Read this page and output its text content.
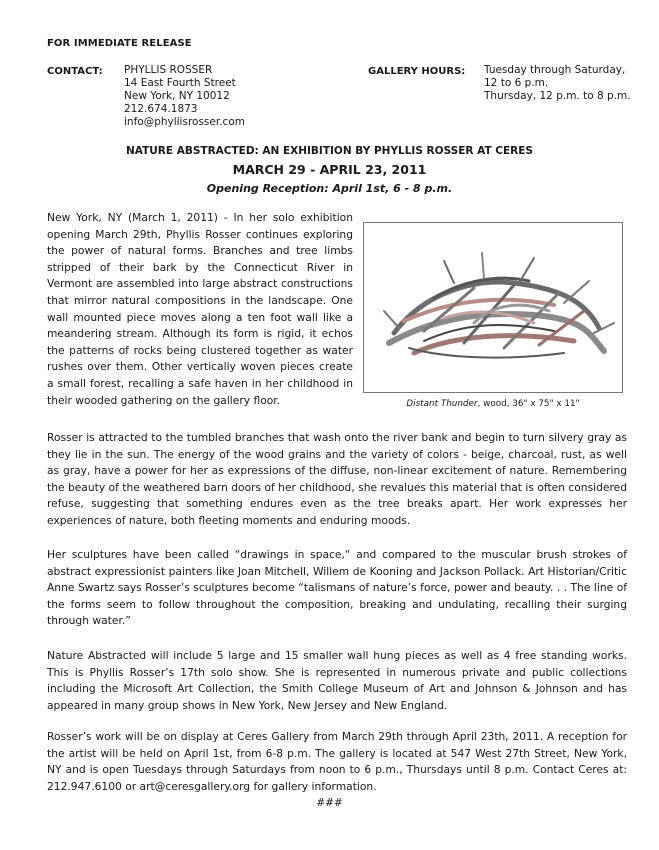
FOR IMMEDIATE RELEASE
CONTACT: PHYLLIS ROSSER
14 East Fourth Street
New York, NY 10012
212.674.1873
info@phyllisrosser.com
GALLERY HOURS: Tuesday through Saturday,
12 to 6 p.m.
Thursday, 12 p.m. to 8 p.m.
NATURE ABSTRACTED: AN EXHIBITION BY PHYLLIS ROSSER AT CERES
MARCH 29 - APRIL 23, 2011
Opening Reception: April 1st, 6 - 8 p.m.
New York, NY (March 1, 2011) - In her solo exhibition opening March 29th, Phyllis Rosser continues exploring the power of natural forms. Branches and tree limbs stripped of their bark by the Connecticut River in Vermont are assembled into large abstract constructions that mirror natural compositions in the landscape. One wall mounted piece moves along a ten foot wall like a meandering stream. Although its form is rigid, it echos the patterns of rocks being clustered together as water rushes over them. Other vertically woven pieces create a small forest, recalling a safe haven in her childhood in their wooded gathering on the gallery floor.	Distant Thunder, wood, 36" x 75" x 11"
Rosser is attracted to the tumbled branches that wash onto the river bank and begin to turn silvery gray as they lie in the sun. The energy of the wood grains and the variety of colors - beige, charcoal, rust, as well as gray, have a power for her as expressions of the diffuse, non-linear excitement of nature. Remembering the beauty of the weathered barn doors of her childhood, she revalues this material that is often considered refuse, suggesting that something endures even as the tree breaks apart. Her work expresses her experiences of nature, both fleeting moments and enduring moods.
Her sculptures have been called “drawings in space,“ and compared to the muscular brush strokes of abstract expressionist painters like Joan Mitchell, Willem de Kooning and Jackson Pollack. Art Historian/Critic Anne Swartz says Rosser’s sculptures become “talismans of nature’s force, power and beauty. . . The line of the forms seem to follow throughout the composition, breaking and undulating, recalling their surging through water.”
Nature Abstracted will include 5 large and 15 smaller wall hung pieces as well as 4 free standing works. This is Phyllis Rosser’s 17th solo show. She is represented in numerous private and public collections including the Microsoft Art Collection, the Smith College Museum of Art and Johnson & Johnson and has appeared in many group shows in New York, New Jersey and New England.
Rosser’s work will be on display at Ceres Gallery from March 29th through April 23th, 2011. A reception for the artist will be held on April 1st, from 6-8 p.m. The gallery is located at 547 West 27th Street, New York, NY and is open Tuesdays through Saturdays from noon to 6 p.m., Thursdays until 8 p.m. Contact Ceres at: 212.947.6100 or art@ceresgallery.org for gallery information.
###
